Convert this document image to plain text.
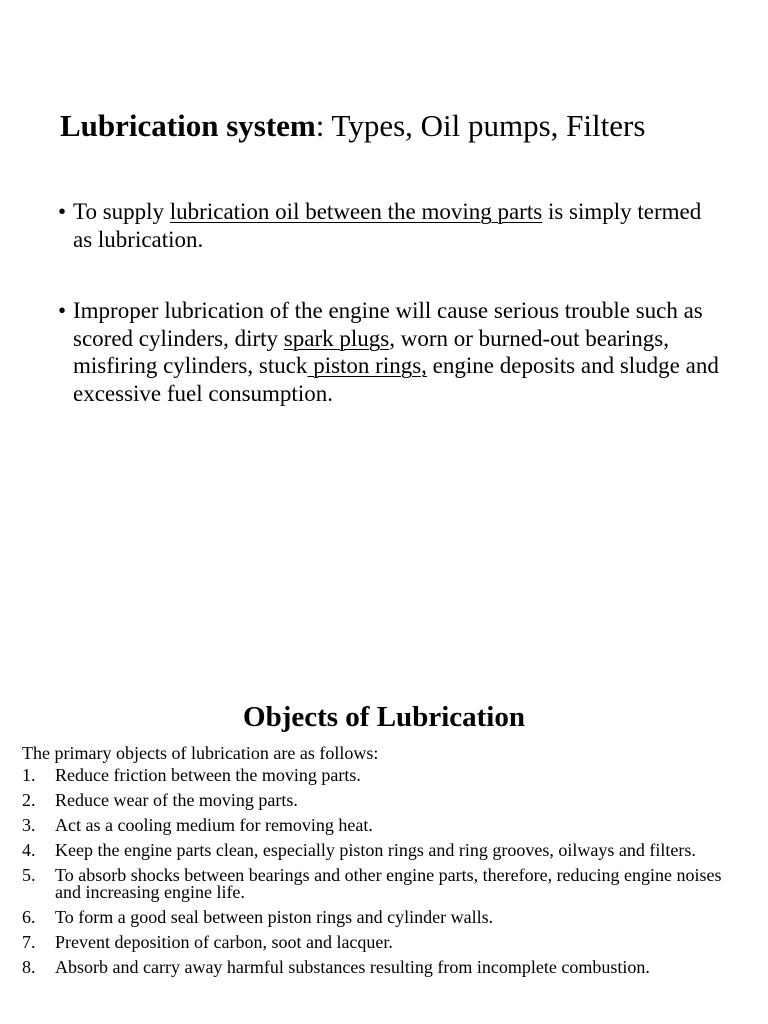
Lubrication system: Types, Oil pumps, Filters
• To supply lubrication oil between the moving parts is simply termed as lubrication.
• Improper lubrication of the engine will cause serious trouble such as scored cylinders, dirty spark plugs, worn or burned-out bearings, misfiring cylinders, stuck piston rings, engine deposits and sludge and excessive fuel consumption.
Objects of Lubrication
The primary objects of lubrication are as follows:
1. Reduce friction between the moving parts.
2. Reduce wear of the moving parts.
3. Act as a cooling medium for removing heat.
4. Keep the engine parts clean, especially piston rings and ring grooves, oilways and filters.
5. To absorb shocks between bearings and other engine parts, therefore, reducing engine noises and increasing engine life.
6. To form a good seal between piston rings and cylinder walls.
7. Prevent deposition of carbon, soot and lacquer.
8. Absorb and carry away harmful substances resulting from incomplete combustion.
